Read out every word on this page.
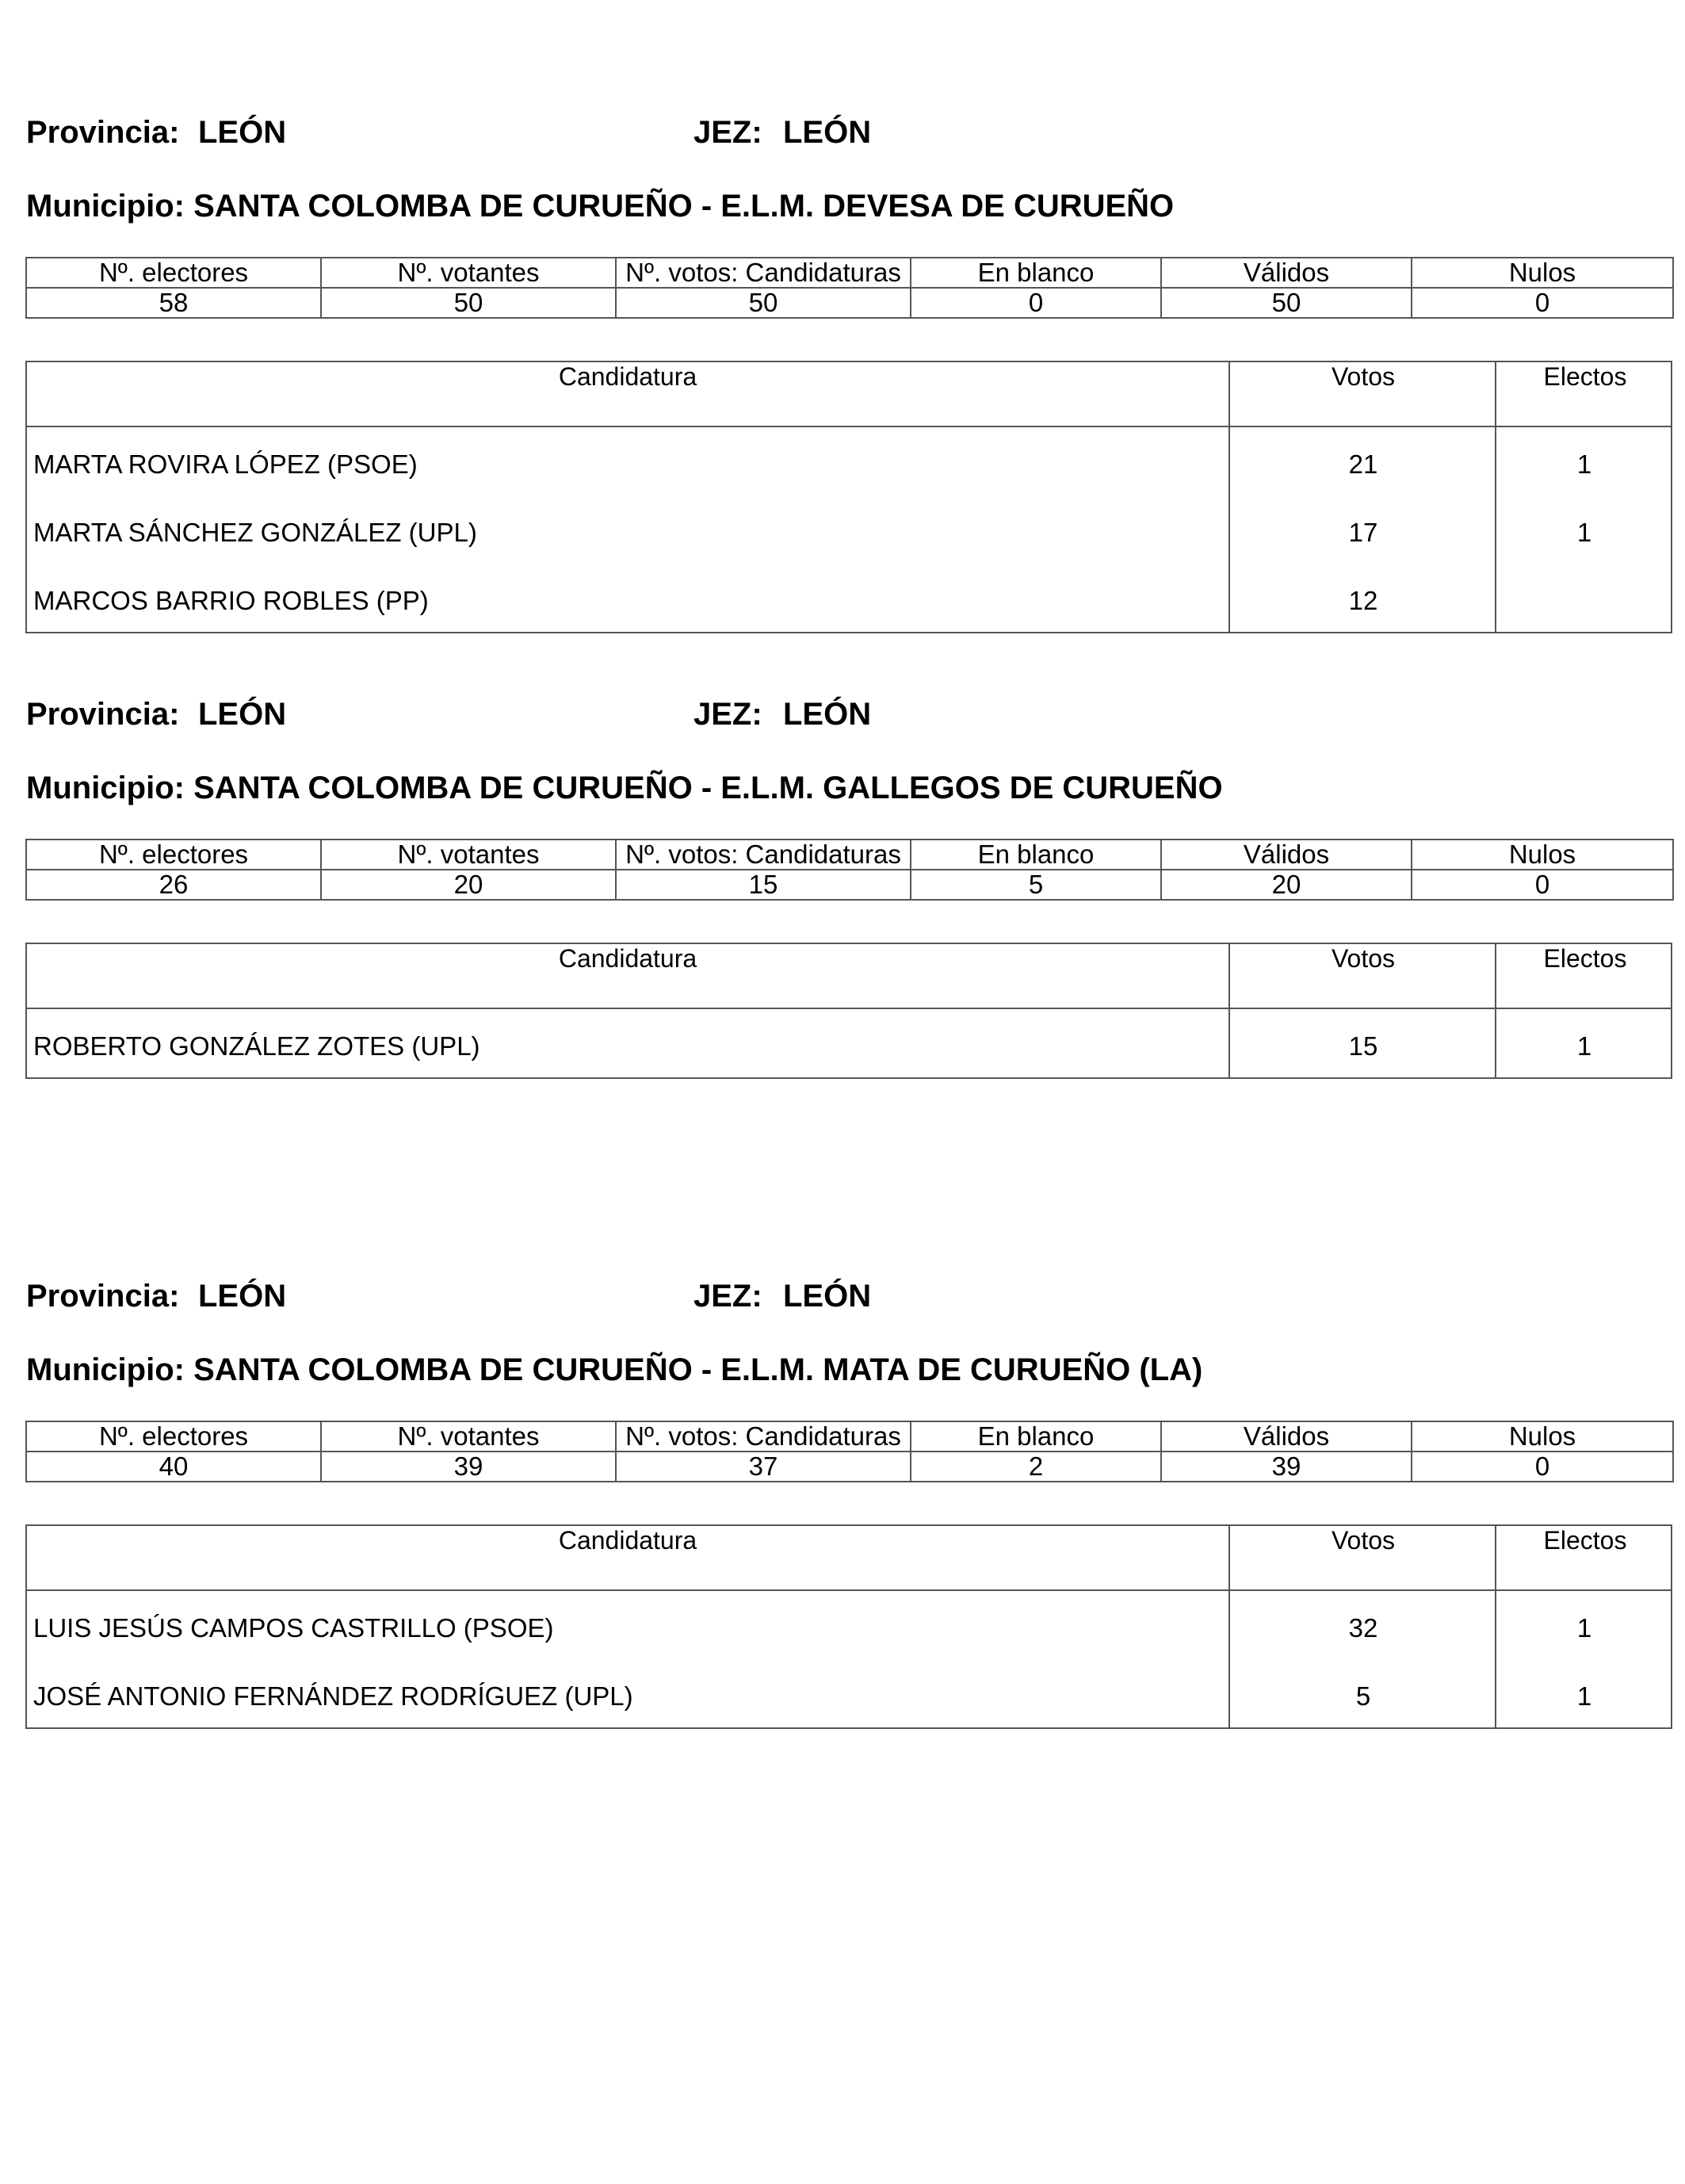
Provincia: LEÓN	JEZ: LEÓN
Municipio: SANTA COLOMBA DE CURUEÑO - E.L.M. DEVESA DE CURUEÑO
Nº. electores	Nº. votantes	Nº. votos: Candidaturas	En blanco	Válidos	Nulos
58	50	50	0	50	0
Candidatura	Votos	Electos
MARTA ROVIRA LÓPEZ (PSOE)	21	1
MARTA SÁNCHEZ GONZÁLEZ (UPL)	17	1
MARCOS BARRIO ROBLES (PP)	12
Provincia: LEÓN	JEZ: LEÓN
Municipio: SANTA COLOMBA DE CURUEÑO - E.L.M. GALLEGOS DE CURUEÑO
Nº. electores	Nº. votantes	Nº. votos: Candidaturas	En blanco	Válidos	Nulos
26	20	15	5	20	0
Candidatura	Votos	Electos
ROBERTO GONZÁLEZ ZOTES (UPL)	15	1
Provincia: LEÓN	JEZ: LEÓN
Municipio: SANTA COLOMBA DE CURUEÑO - E.L.M. MATA DE CURUEÑO (LA)
Nº. electores	Nº. votantes	Nº. votos: Candidaturas	En blanco	Válidos	Nulos
40	39	37	2	39	0
Candidatura	Votos	Electos
LUIS JESÚS CAMPOS CASTRILLO (PSOE)	32	1
JOSÉ ANTONIO FERNÁNDEZ RODRÍGUEZ (UPL)	5	1
